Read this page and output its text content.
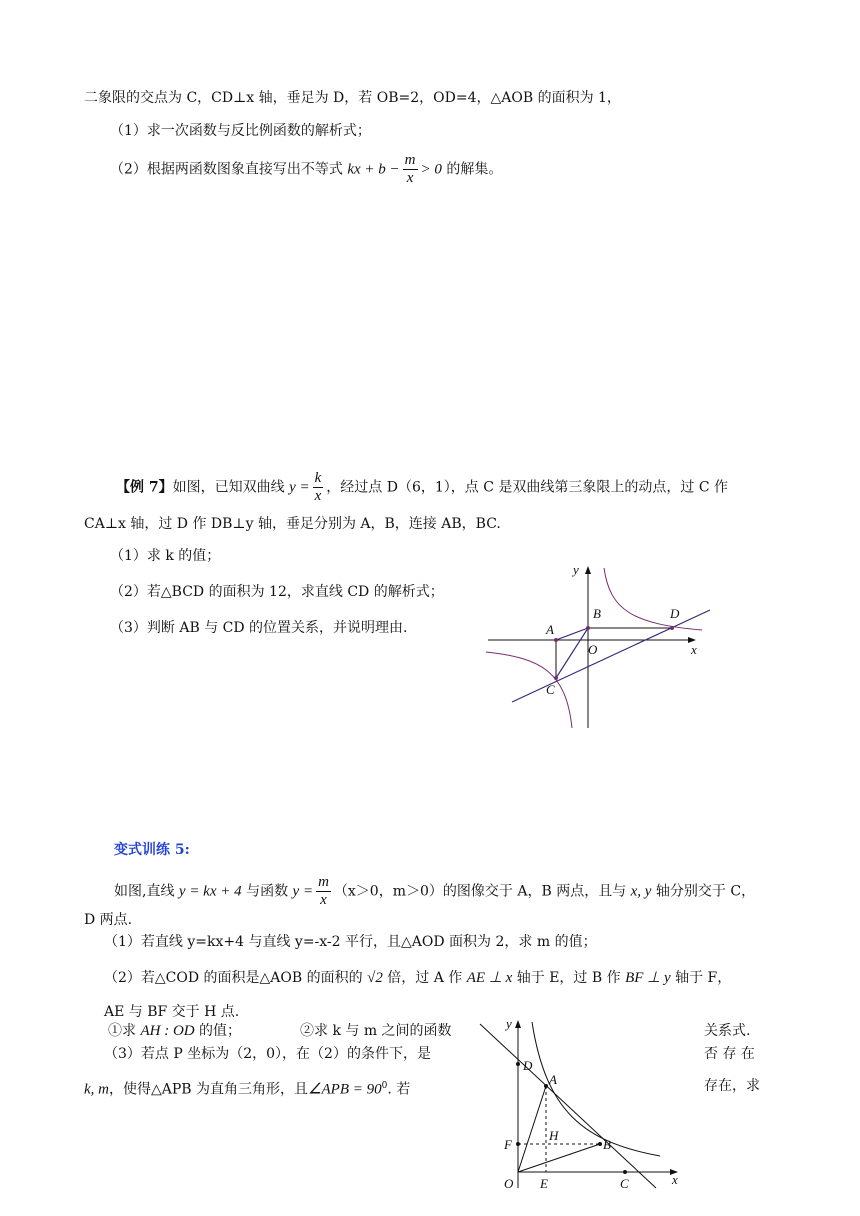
二象限的交点为 C，CD⊥x 轴，垂足为 D，若 OB=2，OD=4，△AOB 的面积为 1，
（1）求一次函数与反比例函数的解析式；
（2）根据两函数图象直接写出不等式 kx + $b - \frac{m}{x} > 0$ 的解集。
【例 7】如图，已知双曲线 $y = \frac{k}{x}$ ，经过点 D（6，1），点 C 是双曲线第三象限上的动点，过 C 作
CA⊥x 轴，过 D 作 DB⊥y 轴，垂足分别为 A，B，连接 AB，BC.
（1）求 k 的值；
（2）若△BCD 的面积为 12，求直线 CD 的解析式；
（3）判断 AB 与 CD 的位置关系，并说明理由.
y
x
A
B
C
D
O
变式训练 5:
如图,直线 y = kx + 4 与函数 $y = \frac{m}{x} (x>0$，m＞0）的图像交于 A，B 两点，且与 x, y 轴分别交于 C，
D 两点.
（1）若直线 y=kx+4 与直线 y=-x-2 平行，且△AOD 面积为 2，求 m 的值；
（2）若△COD 的面积是△AOB 的面积的 √2 倍，过 A 作 AE ⊥ x 轴于 E，过 B 作 BF ⊥ y 轴于 F，
AE 与 BF 交于 H 点.
①求 AH : OD 的值；	②求 k 与 m 之间的函数	关系式.
（3）若点 P 坐标为（2，0），在（2）的条件下，是	否 存 在
k, m，使得△APB 为直角三角形，且∠APB = $90^0$. 若	存在，求
y
x
D
A
F
H
B
O E	C
